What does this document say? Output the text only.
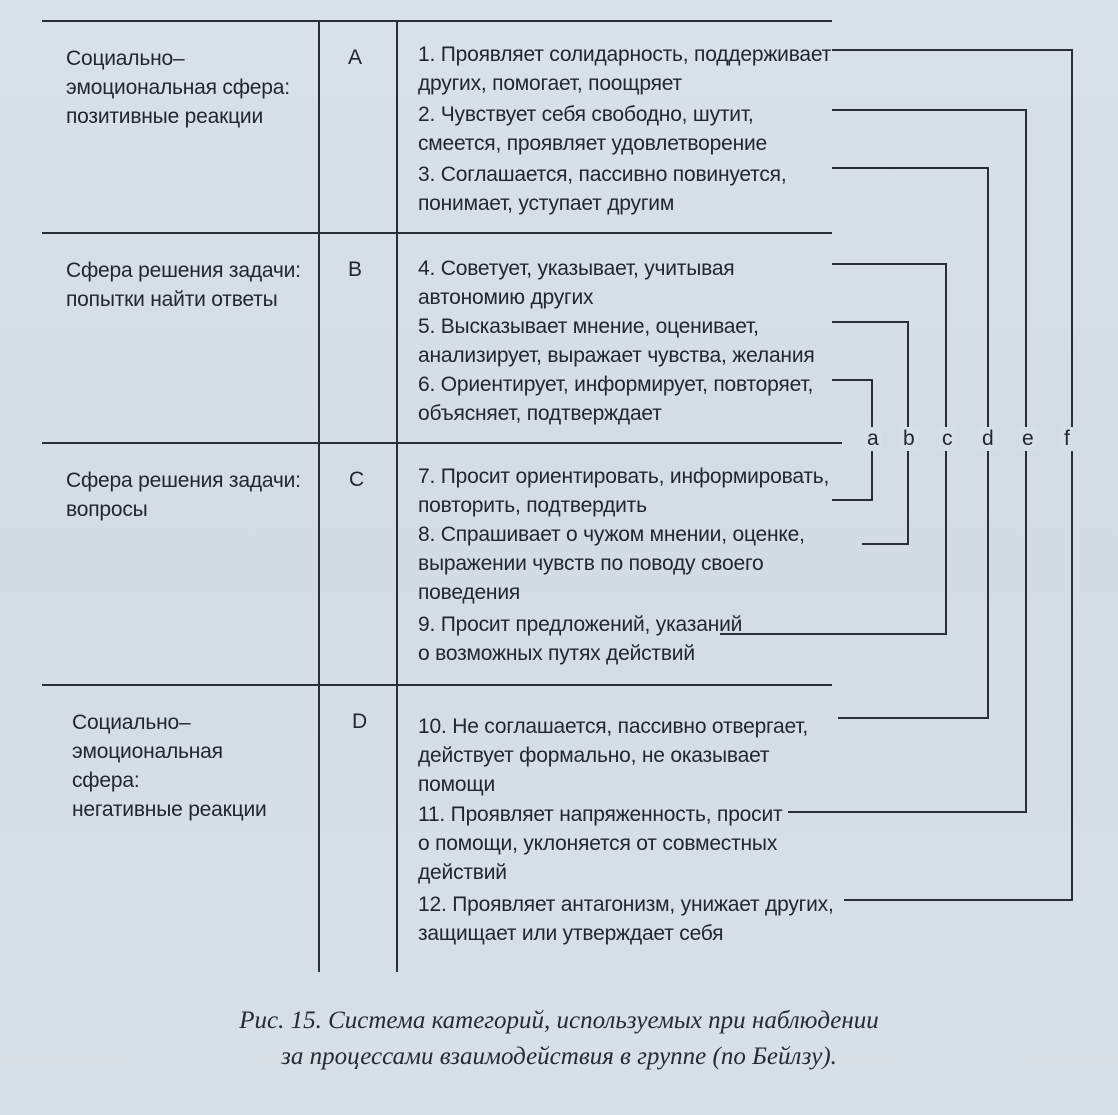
Социально–
эмоциональная сфера:
позитивные реакции
Сфера решения задачи:
попытки найти ответы
Сфера решения задачи:
вопросы
Социально–
эмоциональная
сфера:
негативные реакции
A
B
C
D
1. Проявляет солидарность, поддерживает
других, помогает, поощряет
2. Чувствует себя свободно, шутит,
смеется, проявляет удовлетворение
3. Соглашается, пассивно повинуется,
понимает, уступает другим
4. Советует, указывает, учитывая
автономию других
5. Высказывает мнение, оценивает,
анализирует, выражает чувства, желания
6. Ориентирует, информирует, повторяет,
объясняет, подтверждает
7. Просит ориентировать, информировать,
повторить, подтвердить
8. Спрашивает о чужом мнении, оценке,
выражении чувств по поводу своего
поведения
9. Просит предложений, указаний
о возможных путях действий
10. Не соглашается, пассивно отвергает,
действует формально, не оказывает
помощи
11. Проявляет напряженность, просит
о помощи, уклоняется от совместных
действий
12. Проявляет антагонизм, унижает других,
защищает или утверждает себя
a b c d e f
Рис. 15. Система категорий, используемых при наблюдении
за процессами взаимодействия в группе (по Бейлзу).
